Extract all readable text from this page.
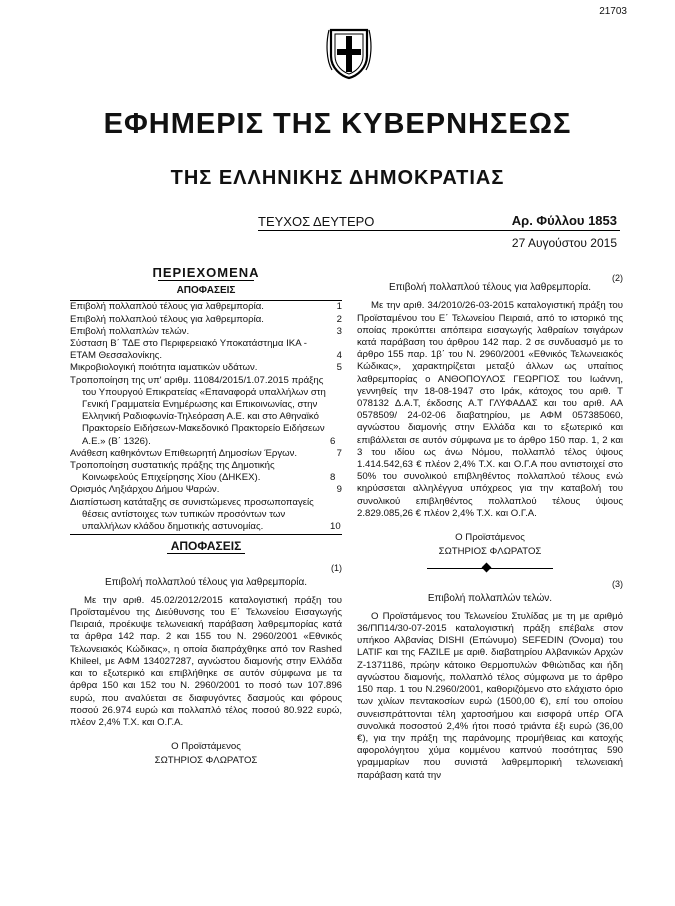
21703
ΕΦΗΜΕΡΙΣ ΤΗΣ ΚΥΒΕΡΝΗΣΕΩΣ
ΤΗΣ ΕΛΛΗΝΙΚΗΣ ΔΗΜΟΚΡΑΤΙΑΣ
ΤΕΥΧΟΣ ΔΕΥΤΕΡΟ	Αρ. Φύλλου 1853
27 Αυγούστου 2015
ΠΕΡΙΕΧΟΜΕΝΑ
ΑΠΟΦΑΣΕΙΣ
Επιβολή πολλαπλού τέλους για λαθρεμπορία.	1
Επιβολή πολλαπλού τέλους για λαθρεμπορία.	2
Επιβολή πολλαπλών τελών.	3
Σύσταση Β΄ ΤΔΕ στο Περιφερειακό Υποκατάστημα ΙΚΑ - ΕΤΑΜ Θεσσαλονίκης.	4
Μικροβιολογική ποιότητα ιαματικών υδάτων.	5
Τροποποίηση της υπ' αριθμ. 11084/2015/1.07.2015 πράξης του Υπουργού Επικρατείας «Επαναφορά υπαλλήλων στη Γενική Γραμματεία Ενημέρωσης και Επικοινωνίας, στην Ελληνική Ραδιοφωνία-Τηλεόραση Α.Ε. και στο Αθηναϊκό Πρακτορείο Ειδήσεων-Μακεδονικό Πρακτορείο Ειδήσεων Α.Ε.» (Β΄ 1326).	6
Ανάθεση καθηκόντων Επιθεωρητή Δημοσίων Έργων.	7
Τροποποίηση συστατικής πράξης της Δημοτικής Κοινωφελούς Επιχείρησης Χίου (ΔΗΚΕΧ).	8
Ορισμός Ληξιάρχου Δήμου Ψαρών.	9
Διαπίστωση κατάταξης σε συνιστώμενες προσωποπαγείς θέσεις αντίστοιχες των τυπικών προσόντων των υπαλλήλων κλάδου δημοτικής αστυνομίας.	10
ΑΠΟΦΑΣΕΙΣ
(1)
Επιβολή πολλαπλού τέλους για λαθρεμπορία.

Με την αριθ. 45.02/2012/2015 καταλογιστική πράξη του Προϊσταμένου της Διεύθυνσης του Ε΄ Τελωνείου Εισαγωγής Πειραιά, προέκυψε τελωνειακή παράβαση λαθρεμπορίας κατά τα άρθρα 142 παρ. 2 και 155 του Ν. 2960/2001 «Εθνικός Τελωνειακός Κώδικας», η οποία διαπράχθηκε από τον Rashed Khileel, με ΑΦΜ 134027287, αγνώστου διαμονής στην Ελλάδα και το εξωτερικό και επιβλήθηκε σε αυτόν σύμφωνα με τα άρθρα 150 και 152 του Ν. 2960/2001 το ποσό των 107.896 ευρώ, που αναλύεται σε διαφυγόντες δασμούς και φόρους ποσού 26.974 ευρώ και πολλαπλό τέλος ποσού 80.922 ευρώ, πλέον 2,4% Τ.Χ. και Ο.Γ.Α.

Ο Προϊστάμενος
ΣΩΤΗΡΙΟΣ ΦΛΩΡΑΤΟΣ
(2)
Επιβολή πολλαπλού τέλους για λαθρεμπορία.

Με την αριθ. 34/2010/26-03-2015 καταλογιστική πράξη του Προϊσταμένου του Ε΄ Τελωνείου Πειραιά, από το ιστορικό της οποίας προκύπτει απόπειρα εισαγωγής λαθραίων τσιγάρων κατά παράβαση του άρθρου 142 παρ. 2 σε συνδυασμό με το άρθρο 155 παρ. 1β΄ του Ν. 2960/2001 «Εθνικός Τελωνειακός Κώδικας», χαρακτηρίζεται μεταξύ άλλων ως υπαίτιος λαθρεμπορίας ο ΑΝΘΟΠΟΥΛΟΣ ΓΕΩΡΓΙΟΣ του Ιωάννη, γεννηθείς την 18-08-1947 στο Ιράκ, κάτοχος του αριθ. Τ 078132 Δ.Α.Τ, έκδοσης Α.Τ ΓΛΥΦΑΔΑΣ και του αριθ. ΑΑ 0578509/ 24-02-06 διαβατηρίου, με ΑΦΜ 057385060, αγνώστου διαμονής στην Ελλάδα και το εξωτερικό και επιβάλλεται σε αυτόν σύμφωνα με το άρθρο 150 παρ. 1, 2 και 3 του ιδίου ως άνω Νόμου, πολλαπλό τέλος ύψους 1.414.542,63 € πλέον 2,4% Τ.Χ. και Ο.Γ.Α που αντιστοιχεί στο 50% του συνολικού επιβληθέντος πολλαπλού τέλους ενώ κηρύσσεται αλληλέγγυα υπόχρεος για την καταβολή του συνολικού επιβληθέντος πολλαπλού τέλους ύψους 2.829.085,26 € πλέον 2,4% Τ.Χ. και Ο.Γ.Α.

Ο Προϊστάμενος
ΣΩΤΗΡΙΟΣ ΦΛΩΡΑΤΟΣ
(3)
Επιβολή πολλαπλών τελών.

Ο Προϊστάμενος του Τελωνείου Στυλίδας με τη με αριθμό 36/ΠΠ14/30-07-2015 καταλογιστική πράξη επέβαλε στον υπήκοο Αλβανίας DISHI (Επώνυμο) SEFEDIN (Όνομα) του LATIF και της FAZILE με αριθ. διαβατηρίου Αλβανικών Αρχών Ζ-1371186, πρώην κάτοικο Θερμοπυλών Φθιώτιδας και ήδη αγνώστου διαμονής, πολλαπλό τέλος σύμφωνα με το άρθρο 150 παρ. 1 του Ν.2960/2001, καθοριζόμενο στο ελάχιστο όριο των χιλίων πεντακοσίων ευρώ (1500,00 €), επί του οποίου συνεισπράττονται τέλη χαρτοσήμου και εισφορά υπέρ ΟΓΑ συνολικά ποσοστού 2,4% ήτοι ποσό τριάντα έξι ευρώ (36,00 €), για την πράξη της παράνομης προμήθειας και κατοχής αφορολόγητου χύμα κομμένου καπνού ποσότητας 590 γραμμαρίων που συνιστά λαθρεμπορική τελωνειακή παράβαση κατά την
